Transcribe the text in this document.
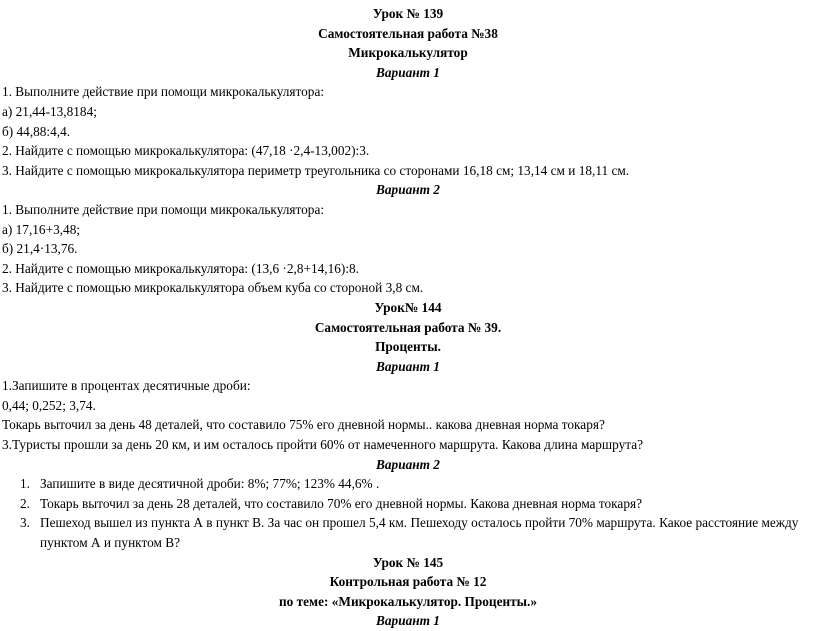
Урок № 139
Самостоятельная работа №38
Микрокалькулятор
Вариант 1
1. Выполните действие при помощи микрокалькулятора:
а) 21,44-13,8184;
б) 44,88:4,4.
2. Найдите с помощью микрокалькулятора: (47,18 ·2,4-13,002):3.
3. Найдите с помощью микрокалькулятора периметр треугольника со сторонами 16,18 см; 13,14 см и 18,11 см.
Вариант 2
1. Выполните действие при помощи микрокалькулятора:
а) 17,16+3,48;
б) 21,4·13,76.
2. Найдите с помощью микрокалькулятора: (13,6 ·2,8+14,16):8.
3. Найдите с помощью микрокалькулятора объем куба со стороной 3,8 см.
Урок№ 144
Самостоятельная работа № 39.
Проценты.
Вариант 1
1.Запишите в процентах десятичные дроби:
0,44; 0,252; 3,74.
Токарь выточил за день 48 деталей, что составило 75% его дневной нормы.. какова дневная норма токаря?
3.Туристы прошли за день 20 км, и им осталось пройти 60% от намеченного маршрута. Какова длина маршрута?
Вариант 2
1. Запишите в виде десятичной дроби: 8%; 77%; 123% 44,6% .
2. Токарь выточил за день 28 деталей, что составило 70% его дневной нормы. Какова дневная норма токаря?
3. Пешеход вышел из пункта А в пункт В. За час он прошел 5,4 км. Пешеходу осталось пройти 70% маршрута. Какое расстояние между
пунктом А и пунктом В?
Урок № 145
Контрольная работа № 12
по теме: «Микрокалькулятор. Проценты.»
Вариант 1
